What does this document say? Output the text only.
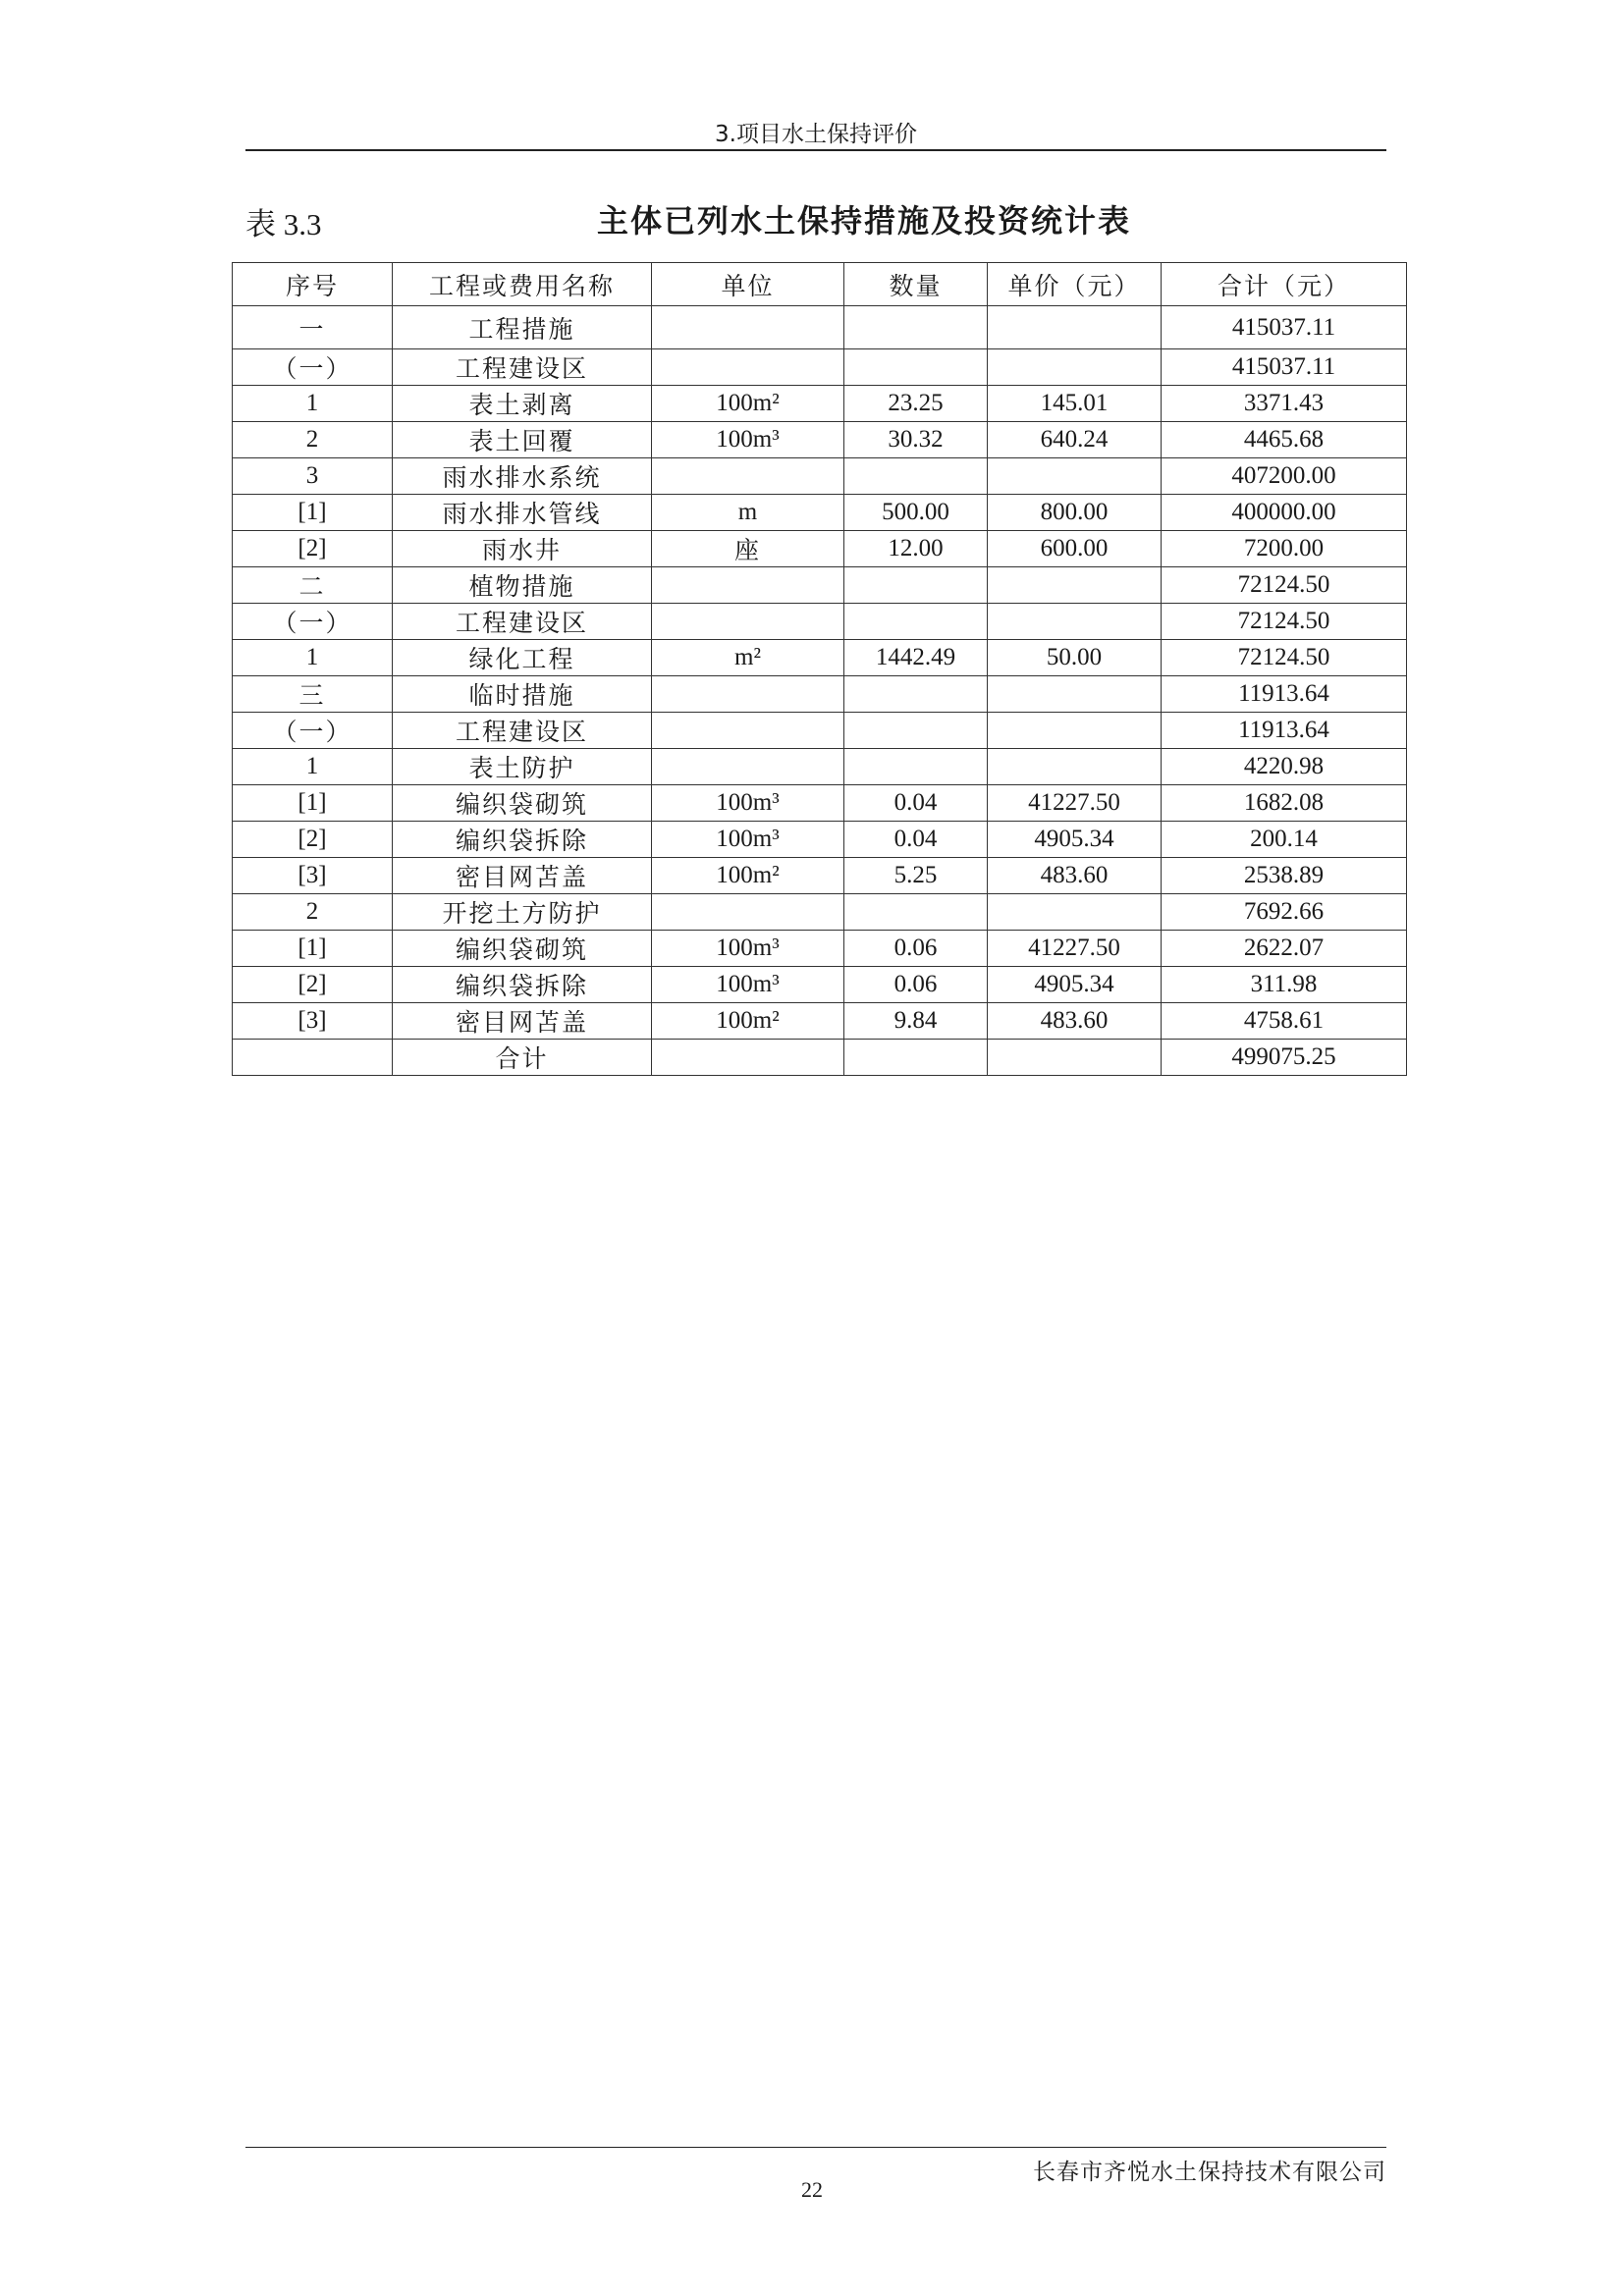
3.项目水土保持评价
表 3.3	主体已列水土保持措施及投资统计表
序号	工程或费用名称	单位	数量	单价（元）	合计（元）
一	工程措施				415037.11
（一）	工程建设区				415037.11
1	表土剥离	100m²	23.25	145.01	3371.43
2	表土回覆	100m³	30.32	640.24	4465.68
3	雨水排水系统				407200.00
[1]	雨水排水管线	m	500.00	800.00	400000.00
[2]	雨水井	座	12.00	600.00	7200.00
二	植物措施				72124.50
（一）	工程建设区				72124.50
1	绿化工程	m²	1442.49	50.00	72124.50
三	临时措施				11913.64
（一）	工程建设区				11913.64
1	表土防护				4220.98
[1]	编织袋砌筑	100m³	0.04	41227.50	1682.08
[2]	编织袋拆除	100m³	0.04	4905.34	200.14
[3]	密目网苫盖	100m²	5.25	483.60	2538.89
2	开挖土方防护				7692.66
[1]	编织袋砌筑	100m³	0.06	41227.50	2622.07
[2]	编织袋拆除	100m³	0.06	4905.34	311.98
[3]	密目网苫盖	100m²	9.84	483.60	4758.61
	合计				499075.25
长春市齐悦水土保持技术有限公司
22
